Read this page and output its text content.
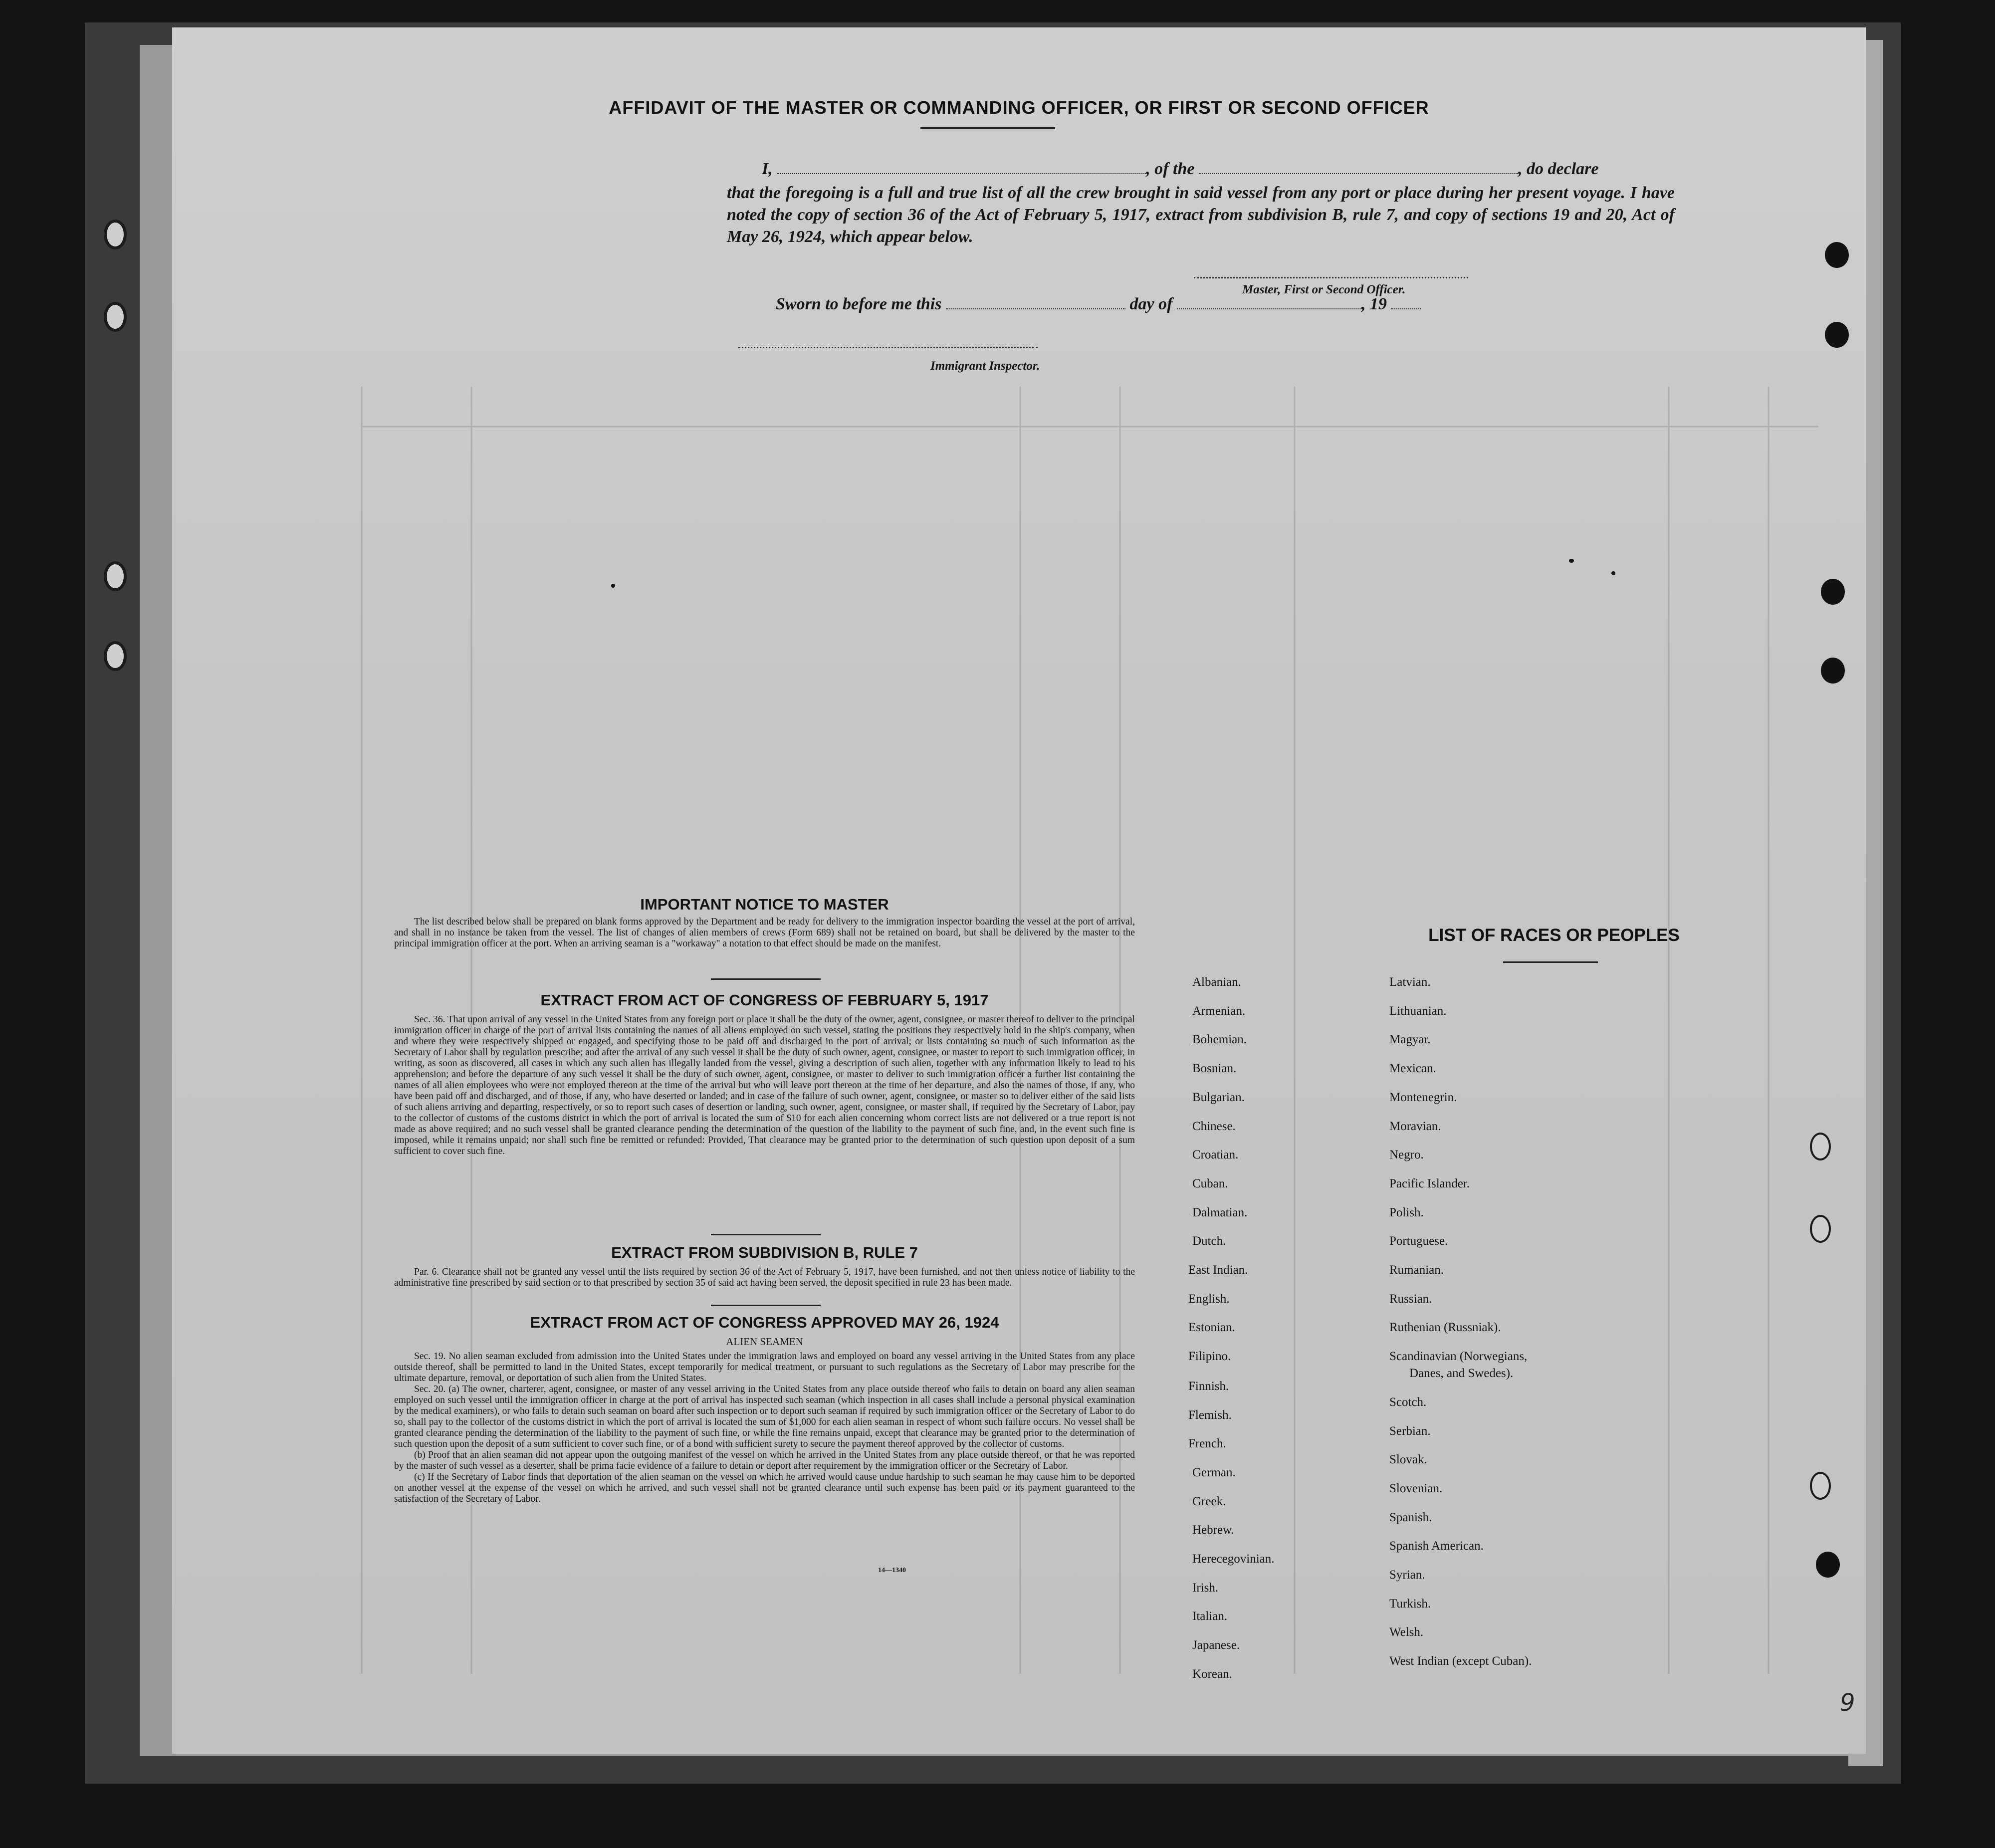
AFFIDAVIT OF THE MASTER OR COMMANDING OFFICER, OR FIRST OR SECOND OFFICER
I,	, of the	, do declare
that the foregoing is a full and true list of all the crew brought in said vessel from any port or place during her present voyage. I have noted the copy of section 36 of the Act of February 5, 1917, extract from subdivision B, rule 7, and copy of sections 19 and 20, Act of May 26, 1924, which appear below.
Master, First or Second Officer.
Sworn to before me this	day of	, 19
Immigrant Inspector.
IMPORTANT NOTICE TO MASTER

The list described below shall be prepared on blank forms approved by the Department and be ready for delivery to the immigration inspector boarding the vessel at the port of arrival, and shall in no instance be taken from the vessel. The list of changes of alien members of crews (Form 689) shall not be retained on board, but shall be delivered by the master to the principal immigration officer at the port. When an arriving seaman is a "workaway" a notation to that effect should be made on the manifest.

EXTRACT FROM ACT OF CONGRESS OF FEBRUARY 5, 1917

Sec. 36. That upon arrival of any vessel in the United States from any foreign port or place it shall be the duty of the owner, agent, consignee, or master thereof to deliver to the principal immigration officer in charge of the port of arrival lists containing the names of all aliens employed on such vessel, stating the positions they respectively hold in the ship's company, when and where they were respectively shipped or engaged, and specifying those to be paid off and discharged in the port of arrival; or lists containing so much of such information as the Secretary of Labor shall by regulation prescribe; and after the arrival of any such vessel it shall be the duty of such owner, agent, consignee, or master to report to such immigration officer, in writing, as soon as discovered, all cases in which any such alien has illegally landed from the vessel, giving a description of such alien, together with any information likely to lead to his apprehension; and before the departure of any such vessel it shall be the duty of such owner, agent, consignee, or master to deliver to such immigration officer a further list containing the names of all alien employees who were not employed thereon at the time of the arrival but who will leave port thereon at the time of her departure, and also the names of those, if any, who have been paid off and discharged, and of those, if any, who have deserted or landed; and in case of the failure of such owner, agent, consignee, or master so to deliver either of the said lists of such aliens arriving and departing, respectively, or so to report such cases of desertion or landing, such owner, agent, consignee, or master shall, if required by the Secretary of Labor, pay to the collector of customs of the customs district in which the port of arrival is located the sum of $10 for each alien concerning whom correct lists are not delivered or a true report is not made as above required; and no such vessel shall be granted clearance pending the determination of the question of the liability to the payment of such fine, and, in the event such fine is imposed, while it remains unpaid; nor shall such fine be remitted or refunded: Provided, That clearance may be granted prior to the determination of such question upon deposit of a sum sufficient to cover such fine.

EXTRACT FROM SUBDIVISION B, RULE 7

Par. 6. Clearance shall not be granted any vessel until the lists required by section 36 of the Act of February 5, 1917, have been furnished, and not then unless notice of liability to the administrative fine prescribed by said section or to that prescribed by section 35 of said act having been served, the deposit specified in rule 23 has been made.

EXTRACT FROM ACT OF CONGRESS APPROVED MAY 26, 1924
ALIEN SEAMEN

Sec. 19. No alien seaman excluded from admission into the United States under the immigration laws and employed on board any vessel arriving in the United States from any place outside thereof, shall be permitted to land in the United States, except temporarily for medical treatment, or pursuant to such regulations as the Secretary of Labor may prescribe for the ultimate departure, removal, or deportation of such alien from the United States.

Sec. 20. (a) The owner, charterer, agent, consignee, or master of any vessel arriving in the United States from any place outside thereof who fails to detain on board any alien seaman employed on such vessel until the immigration officer in charge at the port of arrival has inspected such seaman (which inspection in all cases shall include a personal physical examination by the medical examiners), or who fails to detain such seaman on board after such inspection or to deport such seaman if required by such immigration officer or the Secretary of Labor to do so, shall pay to the collector of the customs district in which the port of arrival is located the sum of $1,000 for each alien seaman in respect of whom such failure occurs. No vessel shall be granted clearance pending the determination of the liability to the payment of such fine, or while the fine remains unpaid, except that clearance may be granted prior to the determination of such question upon the deposit of a sum sufficient to cover such fine, or of a bond with sufficient surety to secure the payment thereof approved by the collector of customs.

(b) Proof that an alien seaman did not appear upon the outgoing manifest of the vessel on which he arrived in the United States from any place outside thereof, or that he was reported by the master of such vessel as a deserter, shall be prima facie evidence of a failure to detain or deport after requirement by the immigration officer or the Secretary of Labor.

(c) If the Secretary of Labor finds that deportation of the alien seaman on the vessel on which he arrived would cause undue hardship to such seaman he may cause him to be deported on another vessel at the expense of the vessel on which he arrived, and such vessel shall not be granted clearance until such expense has been paid or its payment guaranteed to the satisfaction of the Secretary of Labor.

14—1340
LIST OF RACES OR PEOPLES
Albanian.
Armenian.
Bohemian.
Bosnian.
Bulgarian.
Chinese.
Croatian.
Cuban.
Dalmatian.
Dutch.
East Indian.
English.
Estonian.
Filipino.
Finnish.
Flemish.
French.
German.
Greek.
Hebrew.
Herecegovinian.
Irish.
Italian.
Japanese.
Korean.
Latvian.
Lithuanian.
Magyar.
Mexican.
Montenegrin.
Moravian.
Negro.
Pacific Islander.
Polish.
Portuguese.
Rumanian.
Russian.
Ruthenian (Russniak).
Scandinavian (Norwegians,
Danes, and Swedes).
Scotch.
Serbian.
Slovak.
Slovenian.
Spanish.
Spanish American.
Syrian.
Turkish.
Welsh.
West Indian (except Cuban).
9
